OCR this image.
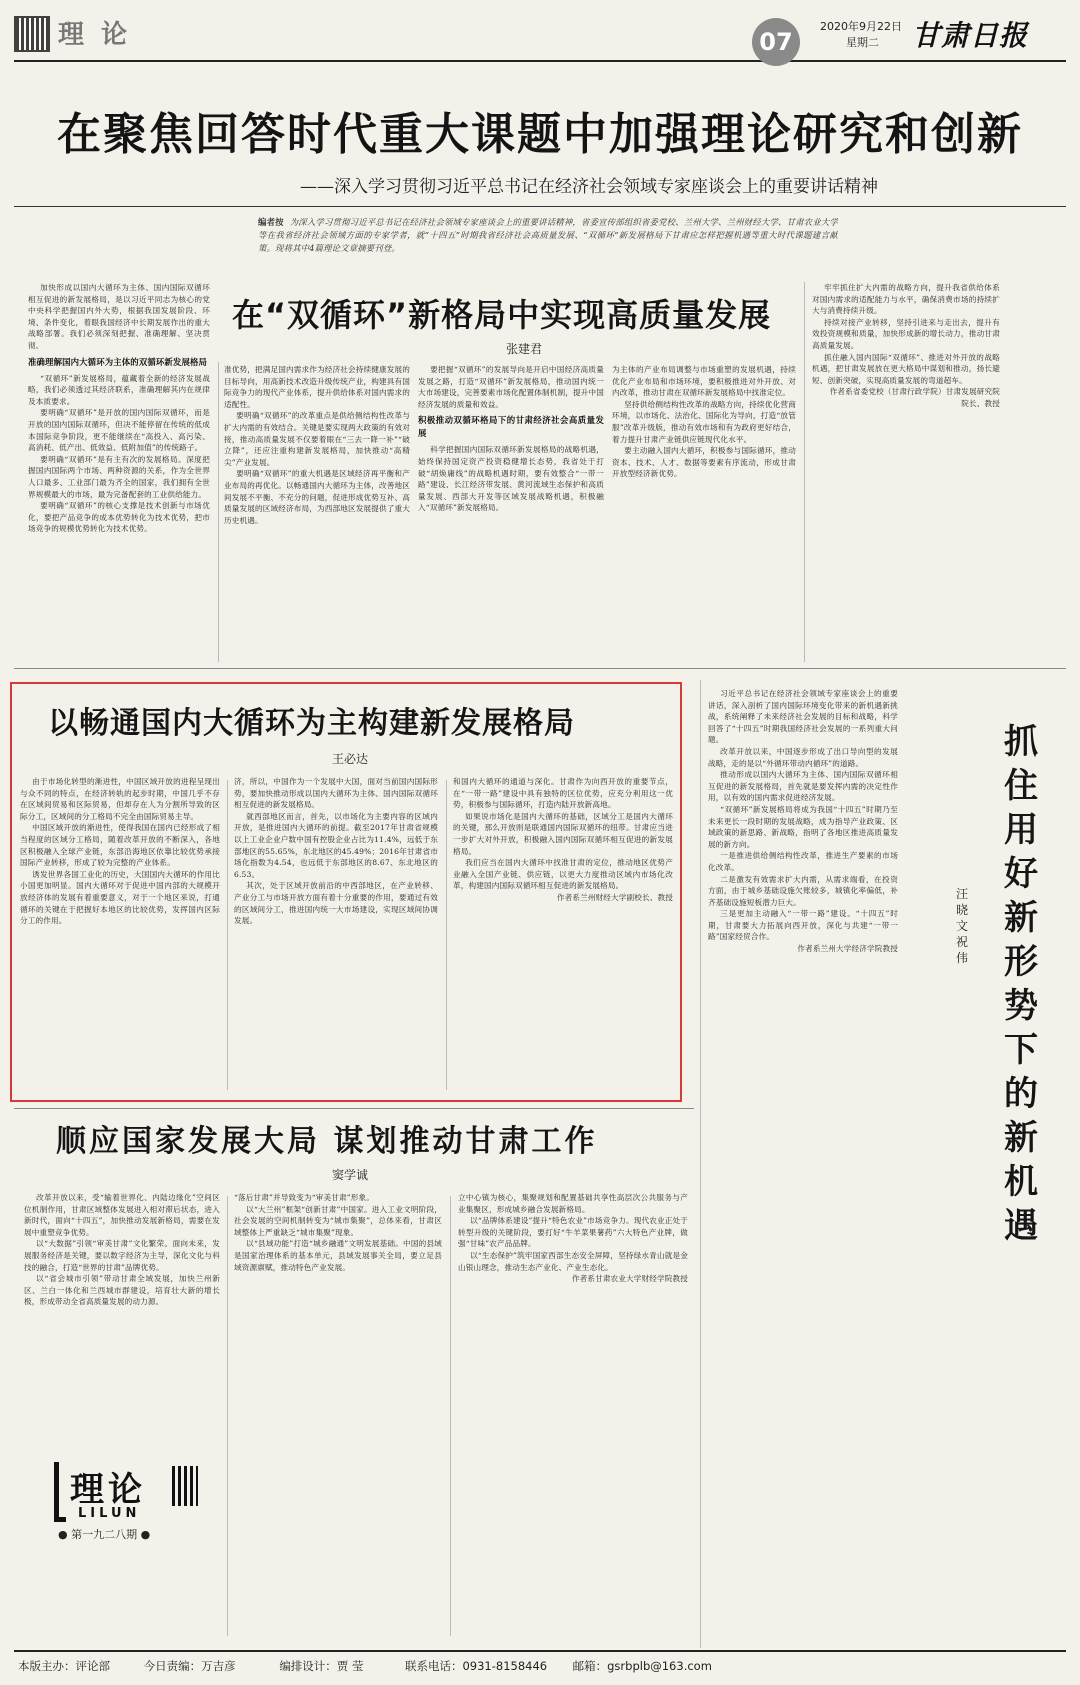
理 论	07
2020年9月22日
星期二 甘肃日报
在聚焦回答时代重大课题中加强理论研究和创新
——深入学习贯彻习近平总书记在经济社会领域专家座谈会上的重要讲话精神
编者按 为深入学习贯彻习近平总书记在经济社会领域专家座谈会上的重要讲话精神，省委宣传部组织省委党校、兰州大学、兰州财经大学、甘肃农业大学等在我省经济社会领域方面的专家学者，就“十四五”时期我省经济社会高质量发展、“双循环”新发展格局下甘肃应怎样把握机遇等重大时代课题建言献策。现将其中4篇理论文章摘要刊登。
在“双循环”新格局中实现高质量发展
张建君

加快形成以国内大循环为主体、国内国际双循环相互促进的新发展格局，是以习近平同志为核心的党中央科学把握国内外大势，根据我国发展阶段、环境、条件变化，着眼我国经济中长期发展作出的重大战略部署。我们必须深刻把握、准确理解、坚决贯彻。

准确理解国内大循环为主体的双循环新发展格局

“双循环”新发展格局，蕴藏着全新的经济发展战略，我们必须透过其经济联系，准确理解其内在规律及本质要求。

要明确“双循环”是开放的国内国际双循环，而是开放的国内国际双循环，但决不能停留在传统的低成本国际竞争阶段，更不能继续在“高投入、高污染、高消耗、低产出、低效益、低附加值”的传统路子。

要明确“双循环”是有主有次的发展格局。深度把握国内国际两个市场、两种资源的关系，作为全世界人口最多、工业部门最为齐全的国家，我们拥有全世界规模最大的市场，最为完备配套的工业供给能力。

要明确“双循环”的核心支撑是技术创新与市场优化，要把产品竞争的成本优势转化为技术优势，把市场竞争的规模优势转化为技术优势。

准优势，把满足国内需求作为经济社会持续健康发展的目标导向，用高新技术改造升级传统产业，构建具有国际竞争力的现代产业体系，提升供给体系对国内需求的适配性。

要明确“双循环”的改革重点是供给侧结构性改革与扩大内需的有效结合。关键是要实现两大政策的有效对接，推动高质量发展不仅要着眼在“三去一降一补”“破立降”，还应注重构建新发展格局，加快推动“高精尖”产业发展。

要明确“双循环”的重大机遇是区域经济再平衡和产业布局的再优化。以畅通国内大循环为主体，改善地区间发展不平衡、不充分的问题，促进形成优势互补、高质量发展的区域经济布局，为西部地区发展提供了重大历史机遇。

要把握“双循环”的发展导向是开启中国经济高质量发展之路，打造“双循环”新发展格局，推动国内统一大市场建设，完善要素市场化配置体制机制，提升中国经济发展的质量和效益。

积极推动双循环格局下的甘肃经济社会高质量发展

科学把握国内国际双循环新发展格局的战略机遇，始终保持国定资产投资稳健增长态势，我省处于打破“胡焕庸线”的战略机遇时期，要有效整合“一带一路”建设、长江经济带发展、黄河流域生态保护和高质量发展、西部大开发等区域发展战略机遇，积极融入“双循环”新发展格局。

为主体的产业布局调整与市场重塑的发展机遇，持续优化产业布局和市场环境，要积极推进对外开放、对内改革，推动甘肃在双循环新发展格局中找准定位。

坚持供给侧结构性改革的战略方向，持续优化营商环境，以市场化、法治化、国际化为导向，打造“放管服”改革升级版，推动有效市场和有为政府更好结合，着力提升甘肃产业链供应链现代化水平。

要主动融入国内大循环，积极参与国际循环，推动资本、技术、人才、数据等要素有序流动，形成甘肃开放型经济新优势。

牢牢抓住扩大内需的战略方向，提升我省供给体系对国内需求的适配能力与水平，确保消费市场的持续扩大与消费持续升级。

持续对接产业转移，坚持引进来与走出去，提升有效投资规模和质量，加快形成新的增长动力，推动甘肃高质量发展。

抓住融入国内国际“双循环”、推进对外开放的战略机遇，把甘肃发展放在更大格局中谋划和推动，扬长避短、创新突破，实现高质量发展的弯道超车。

作者系省委党校（甘肃行政学院）甘肃发展研究院院长、教授

以畅通国内大循环为主构建新发展格局
王必达

由于市场化转型的渐进性，中国区域开放的进程呈现出与众不同的特点，在经济转轨的起步时期，中国几乎不存在区域间贸易和区际贸易，但却存在人为分割所导致的区际分工，区域间的分工格局不完全由国际贸易主导。

中国区域开放的渐进性，使得我国在国内已经形成了相当程度的区域分工格局，随着改革开放的不断深入，各地区积极融入全球产业链，东部沿海地区依靠比较优势承接国际产业转移，形成了较为完整的产业体系。

诱发世界各国工业化的历史，大国国内大循环的作用比小国更加明显。国内大循环对于促进中国内部的大规模开放经济体的发展有着重要意义，对于一个地区来说，打通循环的关键在于把握好本地区的比较优势，发挥国内区际分工的作用。

济，所以，中国作为一个发展中大国，面对当前国内国际形势，要加快推动形成以国内大循环为主体、国内国际双循环相互促进的新发展格局。

就西部地区而言，首先，以市场化为主要内容的区域内开放，是推进国内大循环的前提。截至2017年甘肃省规模以上工业企业户数中国有控股企业占比为11.4%，远低于东部地区的55.65%，东北地区的45.49%；2016年甘肃省市场化指数为4.54，也远低于东部地区的8.67、东北地区的6.53。

其次，处于区域开放前沿的中西部地区，在产业转移、产业分工与市场开放方面有着十分重要的作用，要通过有效的区域间分工，推进国内统一大市场建设，实现区域间协调发展。

和国内大循环的通道与深化。甘肃作为向西开放的重要节点，在“一带一路”建设中具有独特的区位优势，应充分利用这一优势，积极参与国际循环，打造内陆开放新高地。

如果说市场化是国内大循环的基础，区域分工是国内大循环的关键，那么开放则是联通国内国际双循环的纽带。甘肃应当进一步扩大对外开放，积极融入国内国际双循环相互促进的新发展格局。

我们应当在国内大循环中找准甘肃的定位，推动地区优势产业融入全国产业链、供应链，以更大力度推动区域内市场化改革，构建国内国际双循环相互促进的新发展格局。

作者系兰州财经大学副校长、教授

习近平总书记在经济社会领域专家座谈会上的重要讲话，深入剖析了国内国际环境变化带来的新机遇新挑战，系统阐释了未来经济社会发展的目标和战略，科学回答了“十四五”时期我国经济社会发展的一系列重大问题。

改革开放以来，中国逐步形成了出口导向型的发展战略，走的是以“外循环带动内循环”的道路。

推动形成以国内大循环为主体、国内国际双循环相互促进的新发展格局，首先就是要发挥内需的决定性作用，以有效的国内需求促进经济发展。

“双循环”新发展格局将成为我国“十四五”时期乃至未来更长一段时期的发展战略，成为指导产业政策、区域政策的新思路、新战略，指明了各地区推进高质量发展的新方向。

一是推进供给侧结构性改革，推进生产要素的市场化改革。

二是激发有效需求扩大内需，从需求端看，在投资方面，由于城乡基础设施欠账较多，城镇化率偏低，补齐基础设施短板潜力巨大。

三是更加主动融入“一带一路”建设。“十四五”时期，甘肃要大力拓展向西开放，深化与共建“一带一路”国家经贸合作。

作者系兰州大学经济学院教授

抓住用好新形势下的新机遇
汪晓文 祝伟
顺应国家发展大局 谋划推动甘肃工作
窦学诚

改革开放以来，受“输着世界化、内陆边缘化”空间区位机制作用，甘肃区域整体发展进入相对滞后状态，进入新时代，面向“十四五”，加快推动发展新格局，需要在发展中重塑竞争优势。

以“大数据”引领“审美甘肃”文化繁荣。面向未来，发展服务经济是关键，要以数字经济为主导，深化文化与科技的融合，打造“世界的甘肃”品牌优势。

以“省会城市引领”带动甘肃全域发展，加快兰州新区、兰白一体化和兰西城市群建设，培育壮大新的增长极，形成带动全省高质量发展的动力源。

“落后甘肃”并导致变为“审美甘肃”形象。

以“大兰州”框架“创新甘肃”中国家。进入工业文明阶段，社会发展的空间机制转变为“城市集聚”，总体来看，甘肃区域整体上严重缺乏“城市集聚”现象。

以“县域功能”打造“城乡融通”文明发展基础。中国的县域是国家治理体系的基本单元，县域发展事关全局，要立足县域资源禀赋，推动特色产业发展。

立中心镇为核心，集聚规划和配置基础共享性高层次公共服务与产业集聚区，形成城乡融合发展新格局。

以“品牌体系建设”提升“特色农业”市场竞争力。现代农业正处于转型升级的关键阶段，要打好“牛羊菜果薯药”六大特色产业牌，做强“甘味”农产品品牌。

以“生态保护”筑牢国家西部生态安全屏障，坚持绿水青山就是金山银山理念，推动生态产业化、产业生态化。

作者系甘肃农业大学财经学院教授

理论
LILUN
● 第一九二八期 ●
本版主办：评论部	今日责编：万吉彦	编排设计：贾 莹	联系电话：0931-8158446 邮箱：gsrbplb@163.com
